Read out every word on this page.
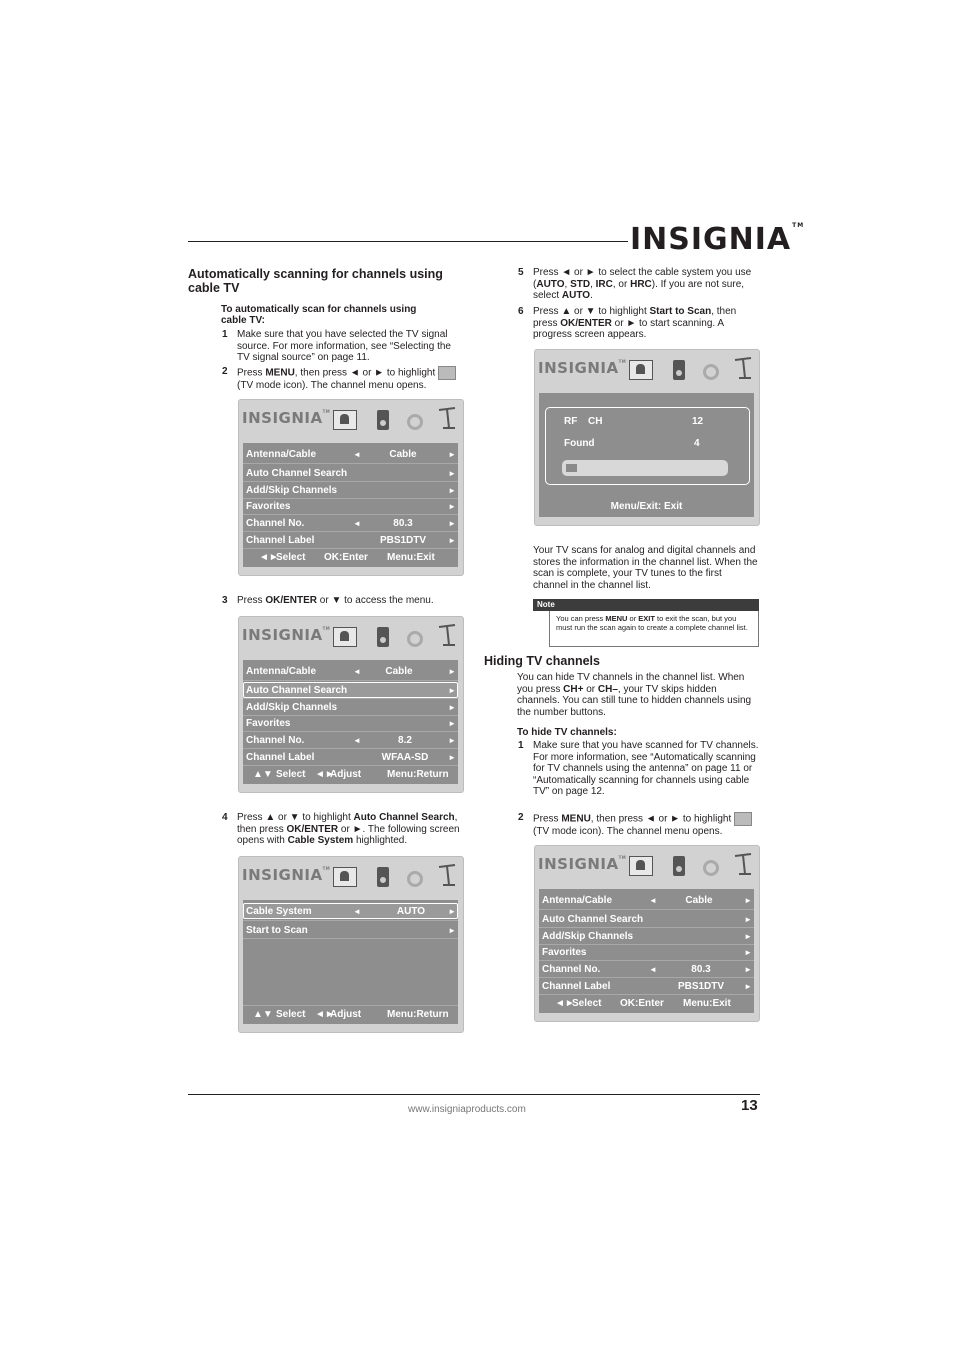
INSIGNIA™
Automatically scanning for channels using cable TV
To automatically scan for channels using cable TV:
1 Make sure that you have selected the TV signal source. For more information, see “Selecting the TV signal source” on page 11.
2 Press MENU, then press ◄ or ► to highlight  (TV mode icon). The channel menu opens.
INSIGNIA™
Antenna/Cable	◄	Cable	►
Auto Channel Search	►
Add/Skip Channels	►
Favorites	►
Channel No.	◄	80.3	►
Channel Label	PBS1DTV	►
◄►
Select OK:Enter Menu:Exit
3 Press OK/ENTER or ▼ to access the menu.
INSIGNIA™
Antenna/Cable	◄	Cable	►
Auto Channel Search	►
Add/Skip Channels	►
Favorites	►
Channel No.	◄	8.2	►
Channel Label	WFAA-SD	►
▲▼ Select ◄►
Adjust	Menu:Return
4 Press ▲ or ▼ to highlight Auto Channel Search, then press OK/ENTER or ►. The following screen opens with Cable System highlighted.
INSIGNIA™
Cable System	◄	AUTO	►
Start to Scan	►
▲▼ Select ◄►
Adjust	Menu:Return
5 Press ◄ or ► to select the cable system you use (AUTO, STD, IRC, or HRC). If you are not sure, select AUTO.
6 Press ▲ or ▼ to highlight Start to Scan, then press OK/ENTER or ► to start scanning. A progress screen appears.
INSIGNIA™
RF CH	12
Found	4
Menu/Exit: Exit
Your TV scans for analog and digital channels and stores the information in the channel list. When the scan is complete, your TV tunes to the first channel in the channel list.
Note
You can press MENU or EXIT to exit the scan, but you must run the scan again to create a complete channel list.
Hiding TV channels
You can hide TV channels in the channel list. When you press CH+ or CH–, your TV skips hidden channels. You can still tune to hidden channels using the number buttons.
To hide TV channels:
1 Make sure that you have scanned for TV channels. For more information, see “Automatically scanning for TV channels using the antenna” on page 11 or “Automatically scanning for channels using cable TV” on page 12.
2 Press MENU, then press ◄ or ► to highlight  (TV mode icon). The channel menu opens.
INSIGNIA™
Antenna/Cable	◄	Cable	►
Auto Channel Search	►
Add/Skip Channels	►
Favorites	►
Channel No.	◄	80.3	►
Channel Label	PBS1DTV	►
◄►
Select OK:Enter Menu:Exit
www.insigniaproducts.com	13
